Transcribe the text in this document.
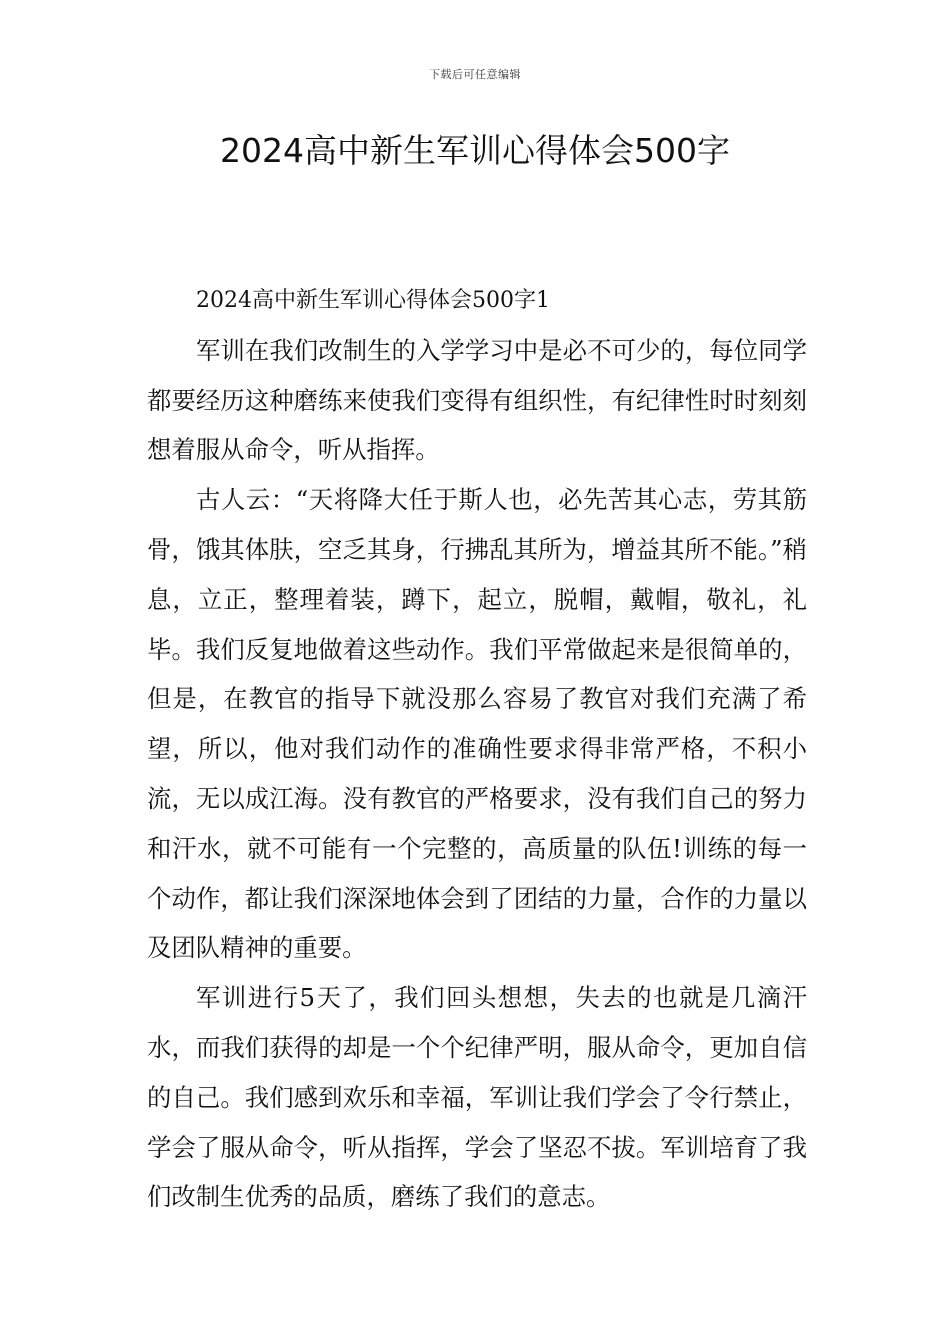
下载后可任意编辑
2024高中新生军训心得体会500字

2024高中新生军训心得体会500字1

军训在我们改制生的入学学习中是必不可少的，每位同学都要经历这种磨练来使我们变得有组织性，有纪律性时时刻刻想着服从命令，听从指挥。

古人云：“天将降大任于斯人也，必先苦其心志，劳其筋骨，饿其体肤，空乏其身，行拂乱其所为，增益其所不能。”稍息，立正，整理着装，蹲下，起立，脱帽，戴帽，敬礼，礼毕。我们反复地做着这些动作。我们平常做起来是很简单的，但是，在教官的指导下就没那么容易了教官对我们充满了希望，所以，他对我们动作的准确性要求得非常严格，不积小流，无以成江海。没有教官的严格要求，没有我们自己的努力和汗水，就不可能有一个完整的，高质量的队伍!训练的每一个动作，都让我们深深地体会到了团结的力量，合作的力量以及团队精神的重要。

军训进行5天了，我们回头想想，失去的也就是几滴汗水，而我们获得的却是一个个纪律严明，服从命令，更加自信的自己。我们感到欢乐和幸福，军训让我们学会了令行禁止，学会了服从命令，听从指挥，学会了坚忍不拔。军训培育了我们改制生优秀的品质，磨练了我们的意志。
